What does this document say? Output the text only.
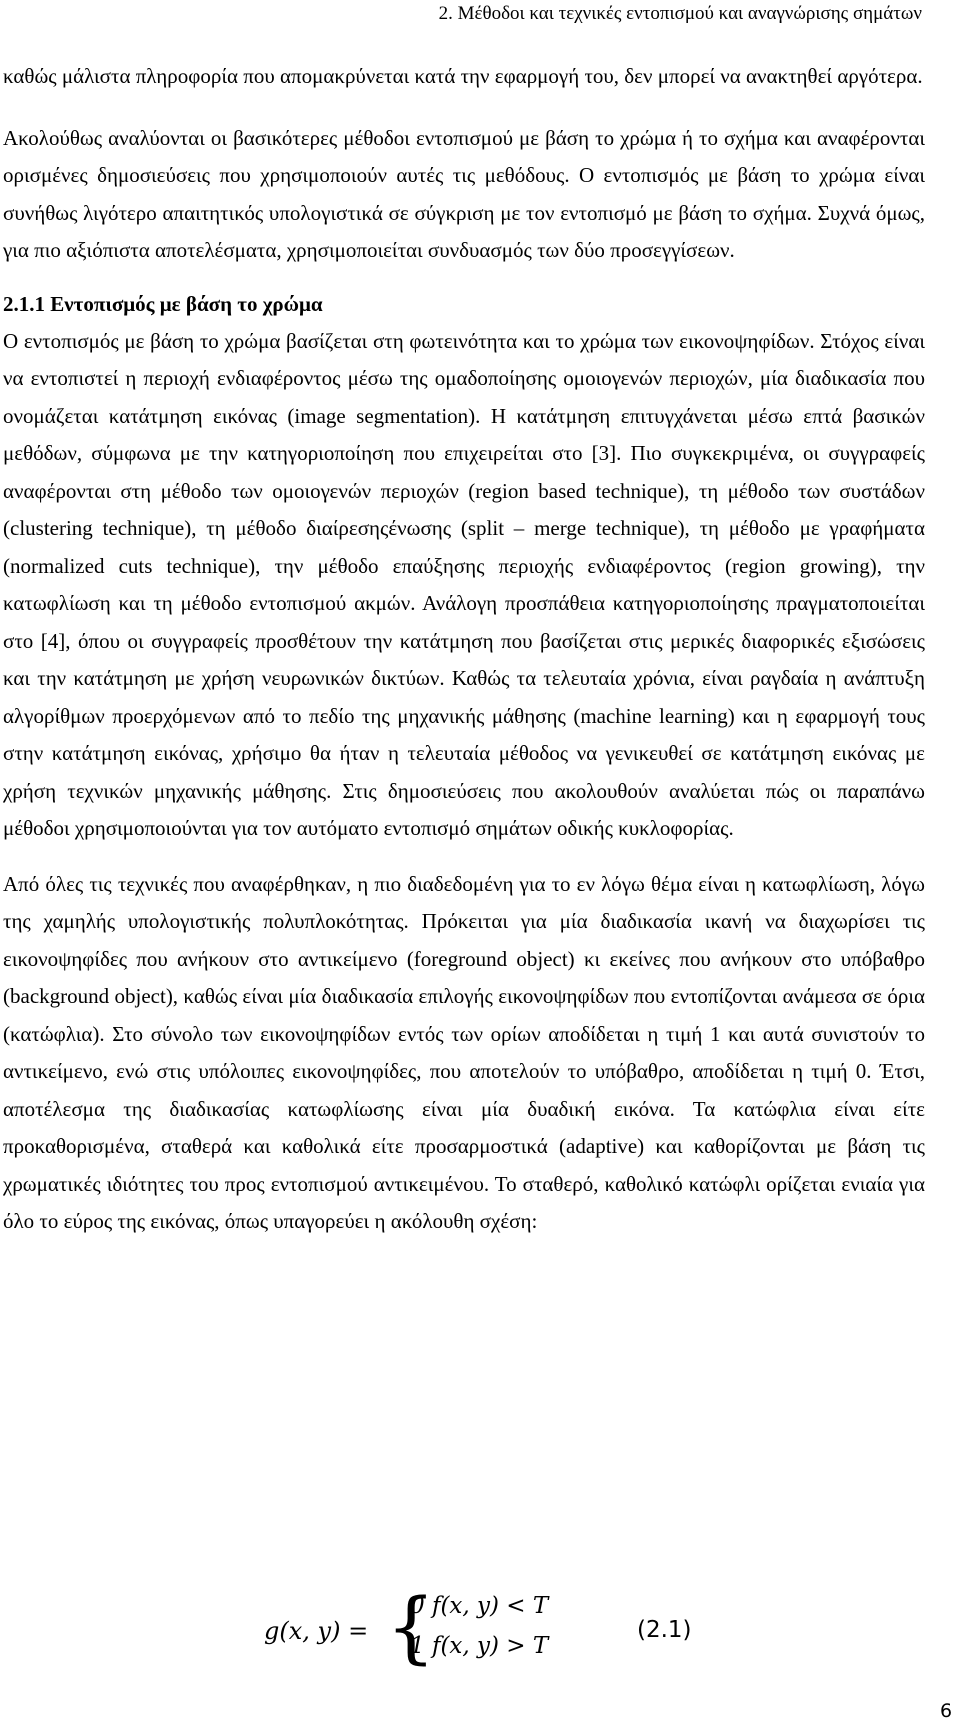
2. Μέθοδοι και τεχνικές εντοπισμού και αναγνώρισης σημάτων

καθώς μάλιστα πληροφορία που απομακρύνεται κατά την εφαρμογή του, δεν μπορεί να ανακτηθεί αργότερα.

Ακολούθως αναλύονται οι βασικότερες μέθοδοι εντοπισμού με βάση το χρώμα ή το σχήμα και αναφέρονται ορισμένες δημοσιεύσεις που χρησιμοποιούν αυτές τις μεθόδους. Ο εντοπισμός με βάση το χρώμα είναι συνήθως λιγότερο απαιτητικός υπολογιστικά σε σύγκριση με τον εντοπισμό με βάση το σχήμα. Συχνά όμως, για πιο αξιόπιστα αποτελέσματα, χρησιμοποιείται συνδυασμός των δύο προσεγγίσεων.

2.1.1 Εντοπισμός με βάση το χρώμα

Ο εντοπισμός με βάση το χρώμα βασίζεται στη φωτεινότητα και το χρώμα των εικονοψηφίδων. Στόχος είναι να εντοπιστεί η περιοχή ενδιαφέροντος μέσω της ομαδοποίησης ομοιογενών περιοχών, μία διαδικασία που ονομάζεται κατάτμηση εικόνας (image segmentation). Η κατάτμηση επιτυγχάνεται μέσω επτά βασικών μεθόδων, σύμφωνα με την κατηγοριοποίηση που επιχειρείται στο [3]. Πιο συγκεκριμένα, οι συγγραφείς αναφέρονται στη μέθοδο των ομοιογενών περιοχών (region based technique), τη μέθοδο των συστάδων (clustering technique), τη μέθοδο διαίρεσηςένωσης (split – merge technique), τη μέθοδο με γραφήματα (normalized cuts technique), την μέθοδο επαύξησης περιοχής ενδιαφέροντος (region growing), την κατωφλίωση και τη μέθοδο εντοπισμού ακμών. Ανάλογη προσπάθεια κατηγοριοποίησης πραγματοποιείται στο [4], όπου οι συγγραφείς προσθέτουν την κατάτμηση που βασίζεται στις μερικές διαφορικές εξισώσεις και την κατάτμηση με χρήση νευρωνικών δικτύων. Καθώς τα τελευταία χρόνια, είναι ραγδαία η ανάπτυξη αλγορίθμων προερχόμενων από το πεδίο της μηχανικής μάθησης (machine learning) και η εφαρμογή τους στην κατάτμηση εικόνας, χρήσιμο θα ήταν η τελευταία μέθοδος να γενικευθεί σε κατάτμηση εικόνας με χρήση τεχνικών μηχανικής μάθησης. Στις δημοσιεύσεις που ακολουθούν αναλύεται πώς οι παραπάνω μέθοδοι χρησιμοποιούνται για τον αυτόματο εντοπισμό σημάτων οδικής κυκλοφορίας.

Από όλες τις τεχνικές που αναφέρθηκαν, η πιο διαδεδομένη για το εν λόγω θέμα είναι η κατωφλίωση, λόγω της χαμηλής υπολογιστικής πολυπλοκότητας. Πρόκειται για μία διαδικασία ικανή να διαχωρίσει τις εικονοψηφίδες που ανήκουν στο αντικείμενο (foreground object) κι εκείνες που ανήκουν στο υπόβαθρο (background object), καθώς είναι μία διαδικασία επιλογής εικονοψηφίδων που εντοπίζονται ανάμεσα σε όρια (κατώφλια). Στο σύνολο των εικονοψηφίδων εντός των ορίων αποδίδεται η τιμή 1 και αυτά συνιστούν το αντικείμενο, ενώ στις υπόλοιπες εικονοψηφίδες, που αποτελούν το υπόβαθρο, αποδίδεται η τιμή 0. Έτσι, αποτέλεσμα της διαδικασίας κατωφλίωσης είναι μία δυαδική εικόνα. Τα κατώφλια είναι είτε προκαθορισμένα, σταθερά και καθολικά είτε προσαρμοστικά (adaptive) και καθορίζονται με βάση τις χρωματικές ιδιότητες του προς εντοπισμού αντικειμένου. Το σταθερό, καθολικό κατώφλι ορίζεται ενιαία για όλο το εύρος της εικόνας, όπως υπαγορεύει η ακόλουθη σχέση:

g(x, y) = {
0 f(x, y) < T
1 f(x, y) > T
(2.1)
6
